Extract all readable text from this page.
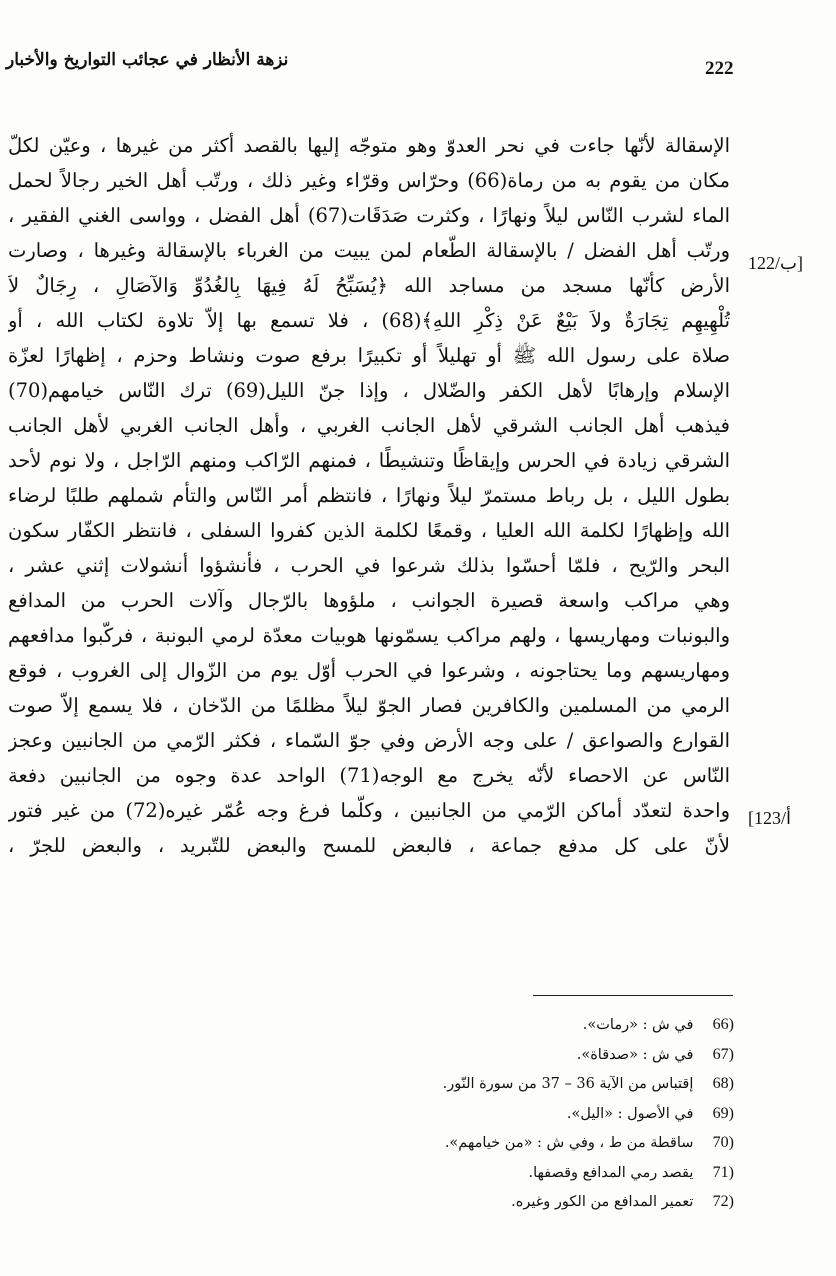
222
نزهة الأنظار في عجائب التواريخ والأخبار
122/ب]
[123/أ
الإسقالة لأنّها جاءت في نحر العدوّ وهو متوجّه إليها بالقصد أكثر من غيرها ، وعيّن لكلّ
مكان من يقوم به من رماة(66) وحرّاس وقرّاء وغير ذلك ، ورتّب أهل الخير رجالاً لحمل
الماء لشرب النّاس ليلاً ونهارًا ، وكثرت صَدَقَات(67) أهل الفضل ، وواسى الغني الفقير ،
ورتّب أهل الفضل / بالإسقالة الطّعام لمن يبيت من الغرباء بالإسقالة وغيرها ، وصارت
الأرض كأنّها مسجد من مساجد الله ﴿يُسَبِّحُ لَهُ فِيهَا بِالغُدُوِّ وَالآصَالِ ، رِجَالٌ لاَ
تُلْهِيهِم تِجَارَةٌ ولاَ بَيْعٌ عَنْ ذِكْرِ اللهِ﴾(68) ، فلا تسمع بها إلاّ تلاوة لكتاب الله ، أو
صلاة على رسول الله ﷺ أو تهليلاً أو تكبيرًا برفع صوت ونشاط وحزم ، إظهارًا لعزّة
الإسلام وإرهابًا لأهل الكفر والضّلال ، وإذا جنّ الليل(69) ترك النّاس خيامهم(70)
فيذهب أهل الجانب الشرقي لأهل الجانب الغربي ، وأهل الجانب الغربي لأهل الجانب
الشرقي زيادة في الحرس وإيقاظًا وتنشيطًا ، فمنهم الرّاكب ومنهم الرّاجل ، ولا نوم لأحد
بطول الليل ، بل رباط مستمرّ ليلاً ونهارًا ، فانتظم أمر النّاس والتأم شملهم طلبًا لرضاء
الله وإظهارًا لكلمة الله العليا ، وقمعًا لكلمة الذين كفروا السفلى ، فانتظر الكفّار سكون
البحر والرّيح ، فلمّا أحسّوا بذلك شرعوا في الحرب ، فأنشؤوا أنشولات إثني عشر ،
وهي مراكب واسعة قصيرة الجوانب ، ملؤوها بالرّجال وآلات الحرب من المدافع
والبونبات ومهاريسها ، ولهم مراكب يسمّونها هوبيات معدّة لرمي البونبة ، فركّبوا مدافعهم
ومهاريسهم وما يحتاجونه ، وشرعوا في الحرب أوّل يوم من الزّوال إلى الغروب ، فوقع
الرمي من المسلمين والكافرين فصار الجوّ ليلاً مظلمًا من الدّخان ، فلا يسمع إلاّ صوت
القوارع والصواعق / على وجه الأرض وفي جوّ السّماء ، فكثر الرّمي من الجانبين وعجز
النّاس عن الاحصاء لأنّه يخرج مع الوجه(71) الواحد عدة وجوه من الجانبين دفعة
واحدة لتعدّد أماكن الرّمي من الجانبين ، وكلّما فرغ وجه عُمّر غيره(72) من غير فتور
لأنّ على كل مدفع جماعة ، فالبعض للمسح والبعض للتّبريد ، والبعض للجرّ ،
66) في ش : «رمات».
67) في ش : «صدقاة».
68) إقتباس من الآية 36 – 37 من سورة النّور.
69) في الأصول : «اليل».
70) ساقطة من ط ، وفي ش : «من خيامهم».
71) يقصد رمي المدافع وقصفها.
72) تعمير المدافع من الكور وغيره.
